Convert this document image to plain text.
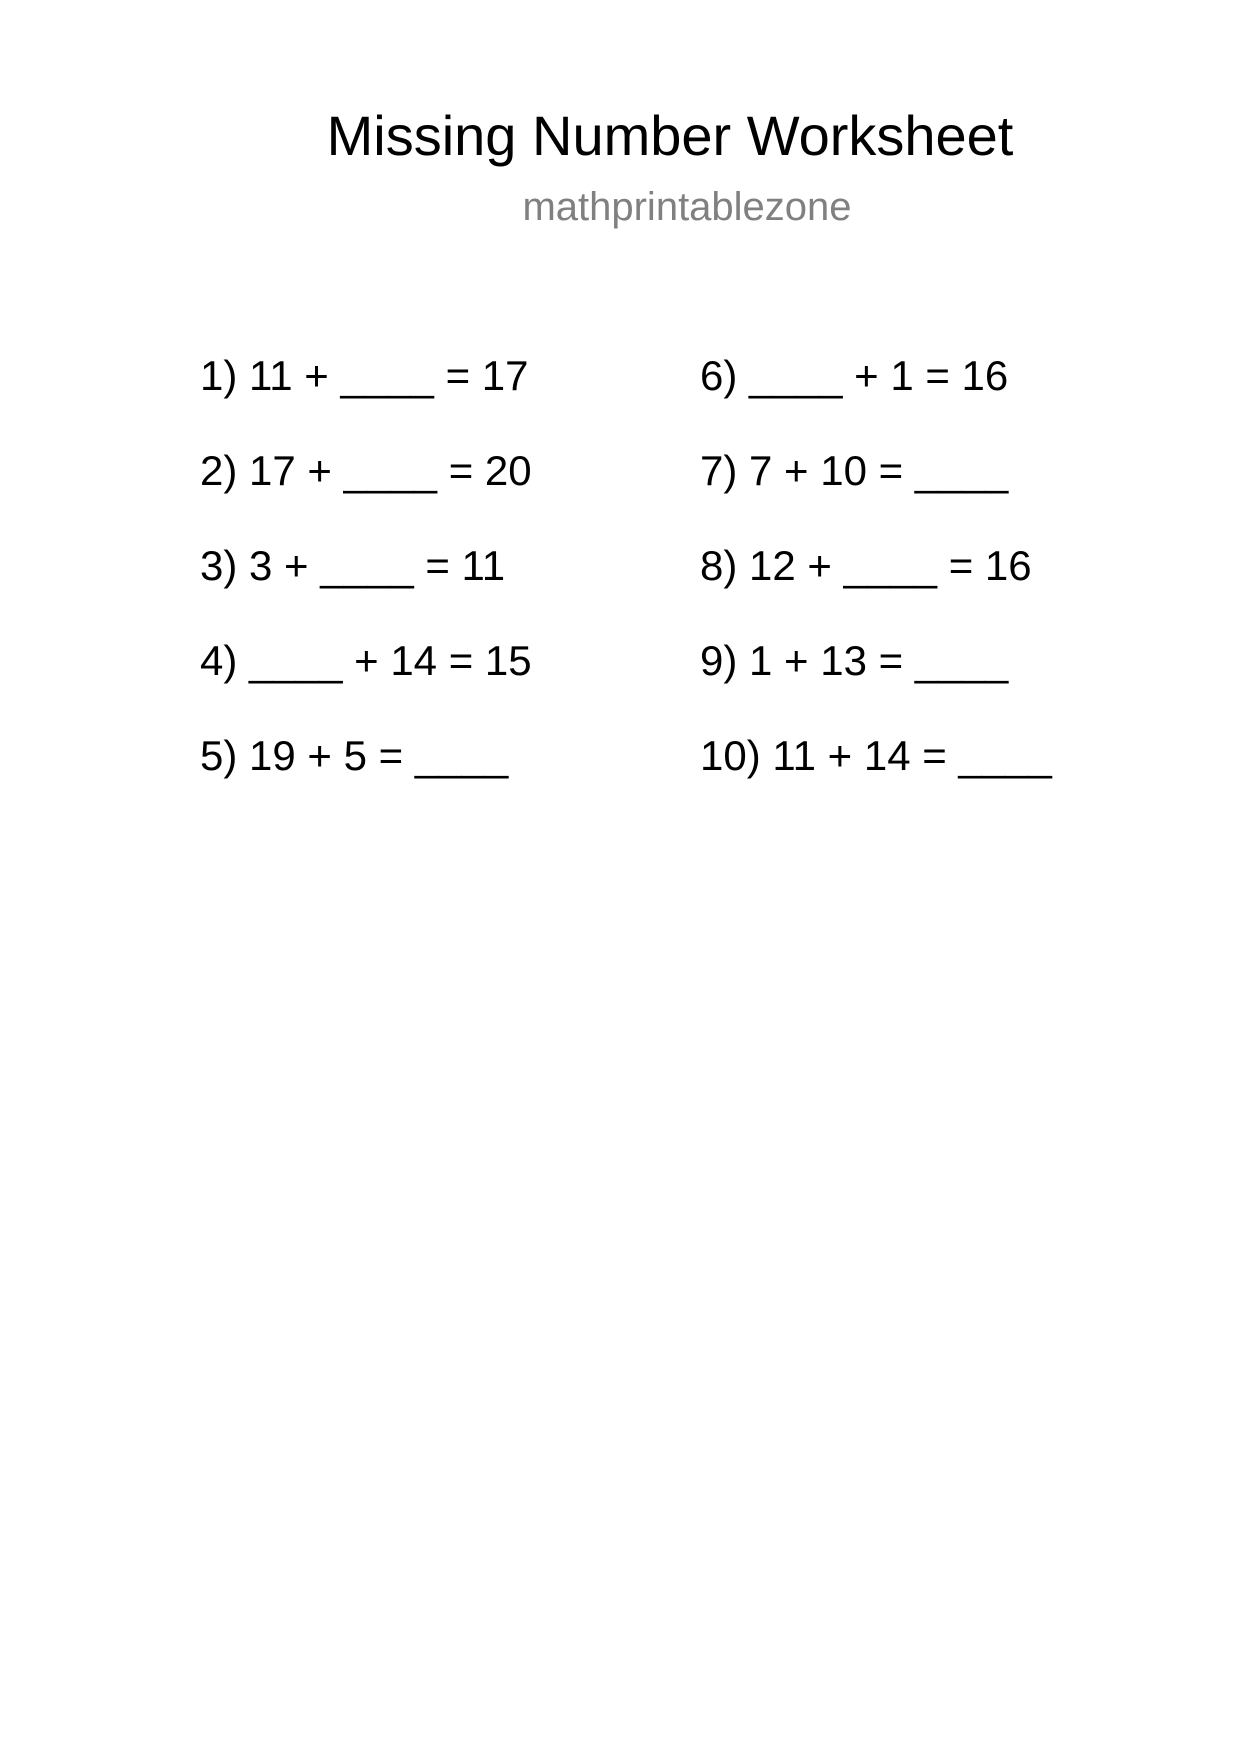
Missing Number Worksheet
mathprintablezone
1) 11 + ____ = 17
2) 17 + ____ = 20
3) 3 + ____ = 11
4) ____ + 14 = 15
5) 19 + 5 = ____
6) ____ + 1 = 16
7) 7 + 10 = ____
8) 12 + ____ = 16
9) 1 + 13 = ____
10) 11 + 14 = ____
